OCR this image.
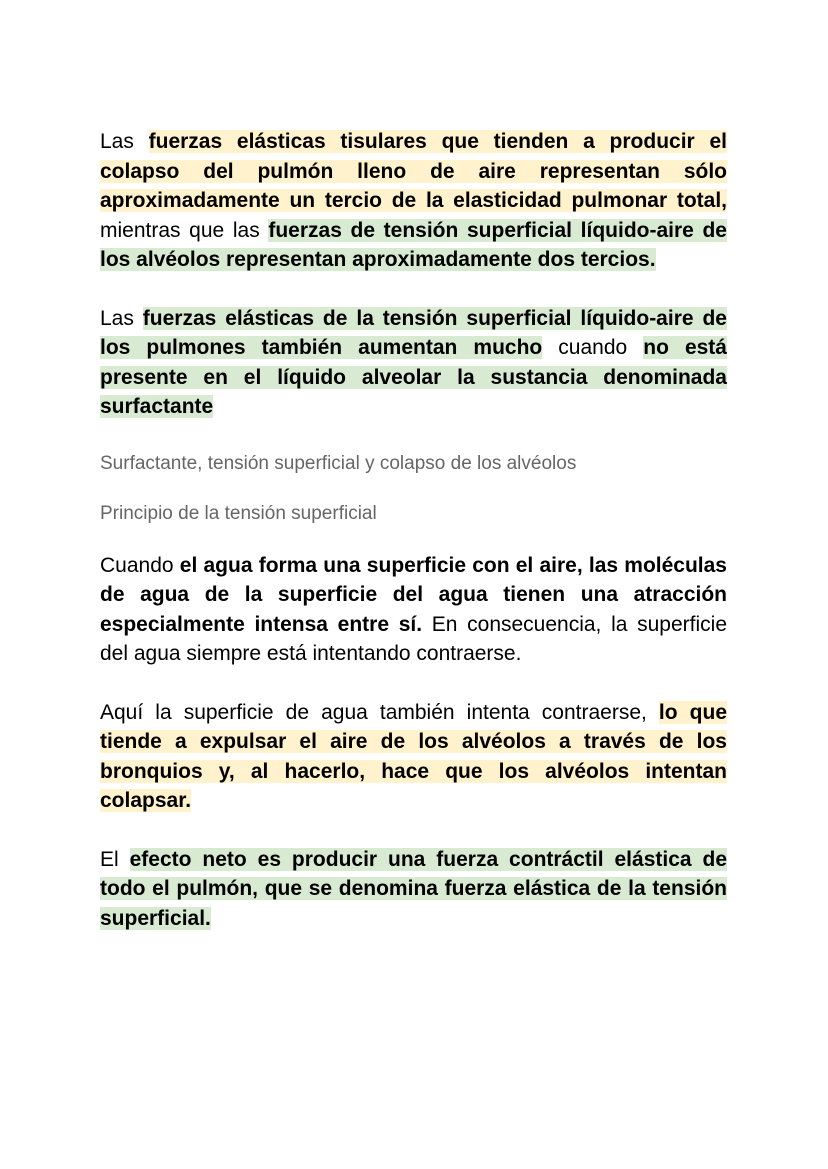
Las fuerzas elásticas tisulares que tienden a producir el colapso del pulmón lleno de aire representan sólo aproximadamente un tercio de la elasticidad pulmonar total, mientras que las fuerzas de tensión superficial líquido-aire de los alvéolos representan aproximadamente dos tercios.

Las fuerzas elásticas de la tensión superficial líquido-aire de los pulmones también aumentan mucho cuando no está presente en el líquido alveolar la sustancia denominada surfactante

Surfactante, tensión superficial y colapso de los alvéolos

Principio de la tensión superficial

Cuando el agua forma una superficie con el aire, las moléculas de agua de la superficie del agua tienen una atracción especialmente intensa entre sí. En consecuencia, la superficie del agua siempre está intentando contraerse.

Aquí la superficie de agua también intenta contraerse, lo que tiende a expulsar el aire de los alvéolos a través de los bronquios y, al hacerlo, hace que los alvéolos intentan colapsar.

El efecto neto es producir una fuerza contráctil elástica de todo el pulmón, que se denomina fuerza elástica de la tensión superficial.
